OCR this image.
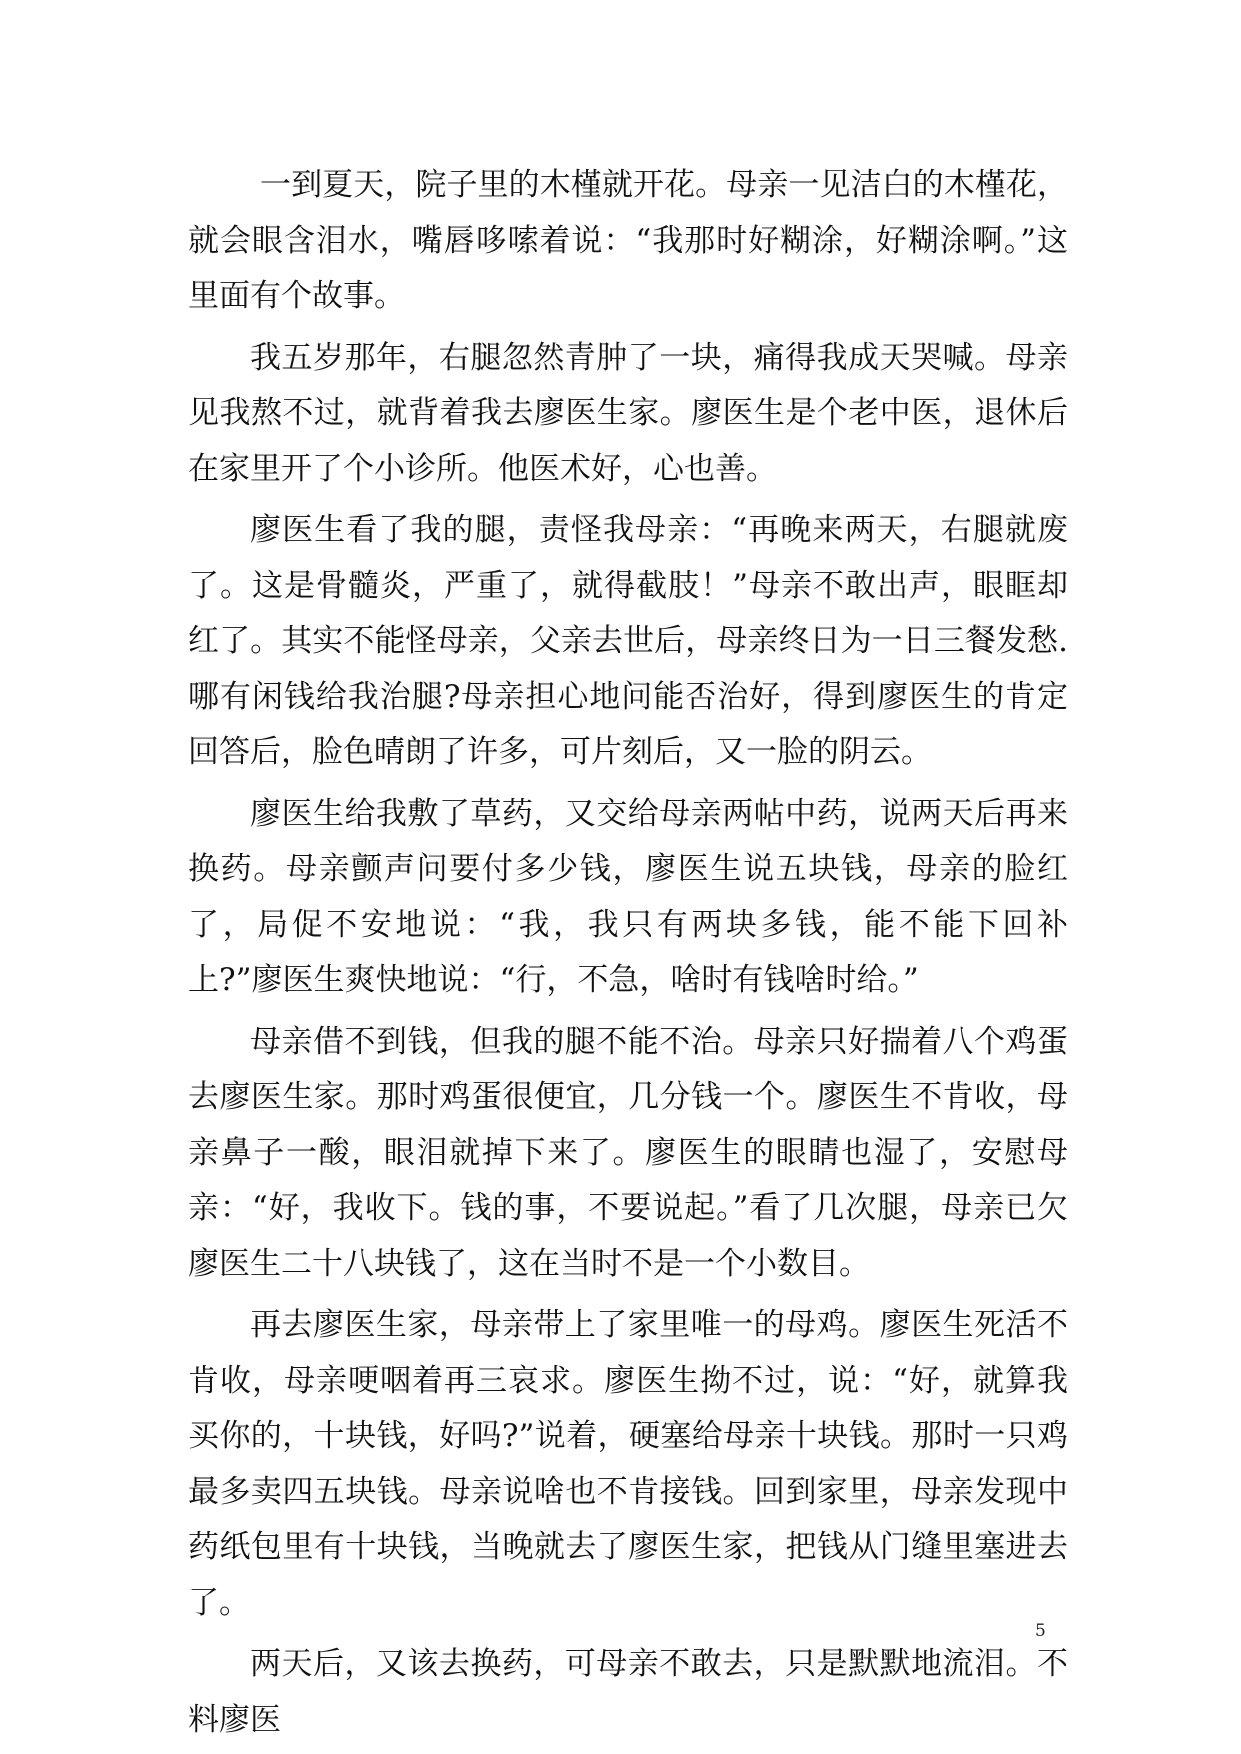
一到夏天，院子里的木槿就开花。母亲一见洁白的木槿花，就会眼含泪水，嘴唇哆嗦着说：“我那时好糊涂，好糊涂啊。”这里面有个故事。

我五岁那年，右腿忽然青肿了一块，痛得我成天哭喊。母亲见我熬不过，就背着我去廖医生家。廖医生是个老中医，退休后在家里开了个小诊所。他医术好，心也善。

廖医生看了我的腿，责怪我母亲：“再晚来两天，右腿就废了。这是骨髓炎，严重了，就得截肢！”母亲不敢出声，眼眶却红了。其实不能怪母亲，父亲去世后，母亲终日为一日三餐发愁.哪有闲钱给我治腿?母亲担心地问能否治好，得到廖医生的肯定回答后，脸色晴朗了许多，可片刻后，又一脸的阴云。

廖医生给我敷了草药，又交给母亲两帖中药，说两天后再来换药。母亲颤声问要付多少钱，廖医生说五块钱，母亲的脸红了，局促不安地说：“我，我只有两块多钱，能不能下回补上?”廖医生爽快地说：“行，不急，啥时有钱啥时给。”

母亲借不到钱，但我的腿不能不治。母亲只好揣着八个鸡蛋去廖医生家。那时鸡蛋很便宜，几分钱一个。廖医生不肯收，母亲鼻子一酸，眼泪就掉下来了。廖医生的眼睛也湿了，安慰母亲：“好，我收下。钱的事，不要说起。”看了几次腿，母亲已欠廖医生二十八块钱了，这在当时不是一个小数目。

再去廖医生家，母亲带上了家里唯一的母鸡。廖医生死活不肯收，母亲哽咽着再三哀求。廖医生拗不过，说：“好，就算我买你的，十块钱，好吗?”说着，硬塞给母亲十块钱。那时一只鸡最多卖四五块钱。母亲说啥也不肯接钱。回到家里，母亲发现中药纸包里有十块钱，当晚就去了廖医生家，把钱从门缝里塞进去了。

两天后，又该去换药，可母亲不敢去，只是默默地流泪。不料廖医

5
